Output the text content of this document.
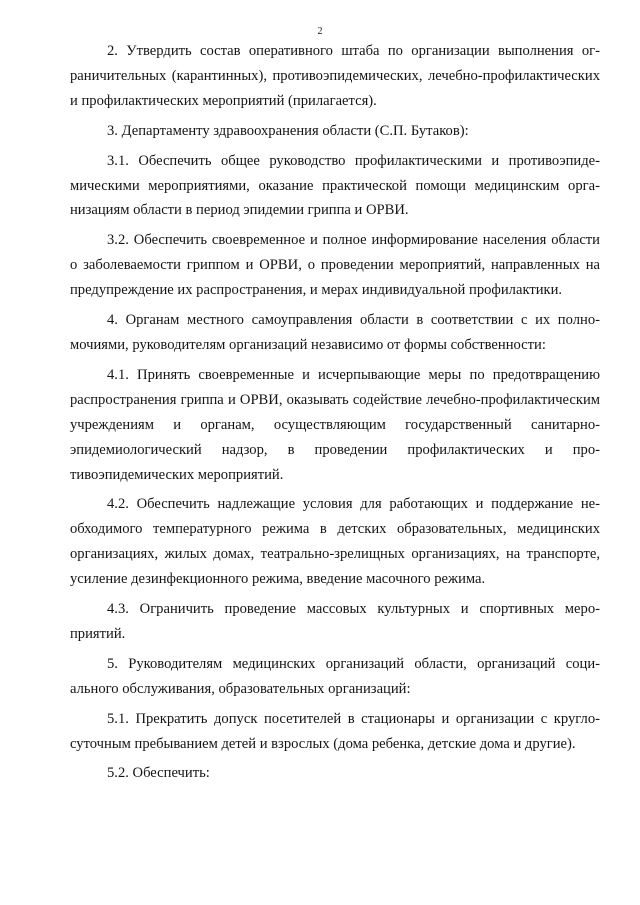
2

2. Утвердить состав оперативного штаба по организации выполнения ограничительных (карантинных), противоэпидемических, лечебно-профилактических и профилактических мероприятий (прилагается).

3. Департаменту здравоохранения области (С.П. Бутаков):

3.1. Обеспечить общее руководство профилактическими и противоэпидемическими мероприятиями, оказание практической помощи медицинским организациям области в период эпидемии гриппа и ОРВИ.

3.2. Обеспечить своевременное и полное информирование населения области о заболеваемости гриппом и ОРВИ, о проведении мероприятий, направленных на предупреждение их распространения, и мерах индивидуальной профилактики.

4. Органам местного самоуправления области в соответствии с их полномочиями, руководителям организаций независимо от формы собственности:

4.1. Принять своевременные и исчерпывающие меры по предотвращению распространения гриппа и ОРВИ, оказывать содействие лечебно-профилактическим учреждениям и органам, осуществляющим государственный санитарно-эпидемиологический надзор, в проведении профилактических и противоэпидемических мероприятий.

4.2. Обеспечить надлежащие условия для работающих и поддержание необходимого температурного режима в детских образовательных, медицинских организациях, жилых домах, театрально-зрелищных организациях, на транспорте, усиление дезинфекционного режима, введение масочного режима.

4.3. Ограничить проведение массовых культурных и спортивных мероприятий.

5. Руководителям медицинских организаций области, организаций социального обслуживания, образовательных организаций:

5.1. Прекратить допуск посетителей в стационары и организации с круглосуточным пребыванием детей и взрослых (дома ребенка, детские дома и другие).

5.2. Обеспечить:
